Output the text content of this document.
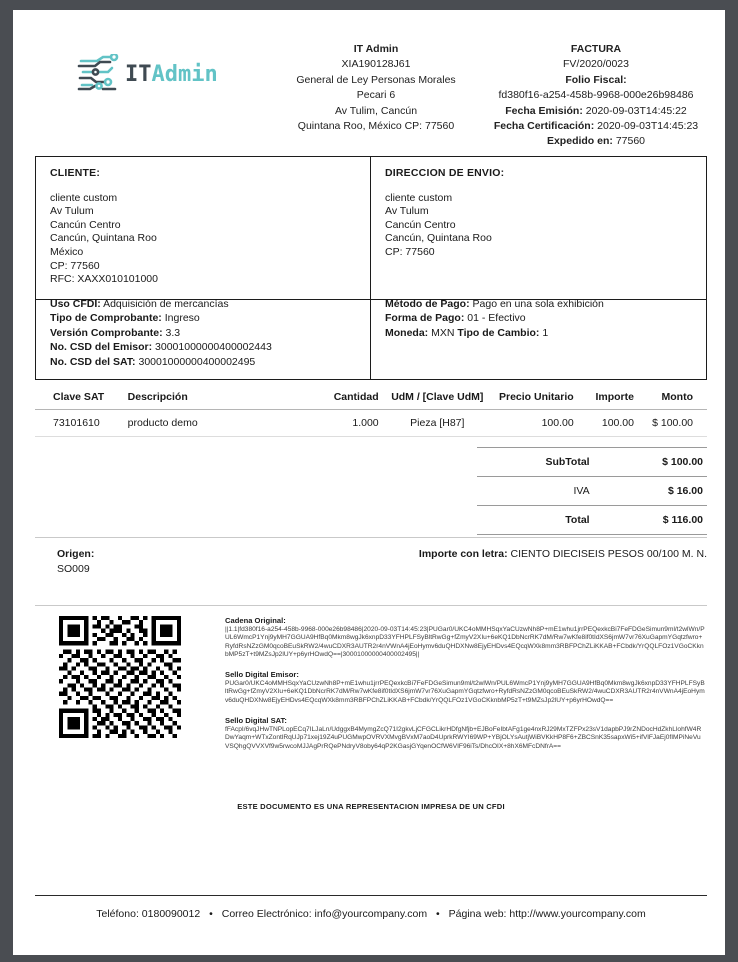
ITAdmin
IT Admin
XIA190128J61
General de Ley Personas Morales
Pecari 6
Av Tulim, Cancún
Quintana Roo, México CP: 77560
FACTURA
FV/2020/0023
Folio Fiscal:
fd380f16-a254-458b-9968-000e26b98486
Fecha Emisión: 2020-09-03T14:45:22
Fecha Certificación: 2020-09-03T14:45:23
Expedido en: 77560
CLIENTE:
cliente custom
Av Tulum
Cancún Centro
Cancún, Quintana Roo
México
CP: 77560
RFC: XAXX010101000
DIRECCION DE ENVIO:
cliente custom
Av Tulum
Cancún Centro
Cancún, Quintana Roo
CP: 77560

Uso CFDI: Adquisición de mercancías
Tipo de Comprobante: Ingreso
Versión Comprobante: 3.3
No. CSD del Emisor: 30001000000400002443
No. CSD del SAT: 30001000000400002495
Método de Pago: Pago en una sola exhibición
Forma de Pago: 01 - Efectivo
Moneda: MXN Tipo de Cambio: 1
Clave SAT	Descripción	Cantidad	UdM / [Clave UdM]	Precio Unitario	Importe	Monto
73101610	producto demo	1.000	Pieza [H87]	100.00	100.00	$ 100.00
SubTotal	$ 100.00
IVA	$ 16.00
Total	$ 116.00
Origen:
SO009
Importe con letra: CIENTO DIECISEIS PESOS 00/100 M. N.
Cadena Original:
||1.1|fd380f16-a254-458b-9968-000e26b98486|2020-09-03T14:45:23|PUGar0/UKC4oMMHSqxYaCUzwNh8P+mE1whu1jrrPEQexkcBi7FeFDGeSimun9ml/t2wlWn/PUL6WmcP1Ynj9yMH7GGUA9HfBq0Mkm8wgJk6xnpD33YFHPLFSyBltRwGg+fZmyV2XIu+6eKQ1DbNcrRK7dM/Rw7wKfe8if0tIdXS6jmW7vr76XuGapmYGqtzfwro+RyfdRsNZzGM0qcoBEuSkRW2/4wuCDXR3AUTR2r4nVWnA4jEoHymv6duQHDXNw8EjyEHDvs4EQcqWXk8mm3RBFPChZLiKKAB+FCbdk/YrQQLFOz1VGoCKknbMP5zT+t9MZsJp2lUY+p6yrHOwdQ==|30001000000400002495||
Sello Digital Emisor:
PUGar0/UKC4oMMHSqxYaCUzwNh8P+mE1whu1jrrPEQexkcBi7FeFDGeSimun9ml/t2wlWn/PUL6WmcP1Ynj9yMH7GGUA9HfBq0Mkm8wgJk6xnpD33YFHPLFSyBltRwGg+fZmyV2XIu+6eKQ1DbNcrRK7dM/Rw7wKfe8if0tIdXS6jmW7vr76XuGapmYGqtzfwro+RyfdRsNZzGM0qcoBEuSkRW2/4wuCDXR3AUTR2r4nVWnA4jEoHymv6duQHDXNw8EjyEHDvs4EQcqWXk8mm3RBFPChZLiKKAB+FCbdk/YrQQLFOz1VGoCKknbMP5zT+t9MZsJp2lUY+p6yrHOwdQ==
Sello Digital SAT:
fFAcpI/6vqJHwTNPLopECq7ILJaLn/UdggxB4MymgZcQ71I2gkvLjCFGCLikrHDfgNfjb+EJBoFeIbtAFg1ge4nxRJ29MxTZFPx23sV1dapbPJ9rZNDocHdZkhLlohfW4RDwYaqm+WTxZontlRqUJp71xej19Z4uPUGMwpOVRVXMvgBVxM7aoD4UprkRWYI69WP+YBjOLYsAutjWiBVKkHP8F6+ZBCSnK35sapxWi5+ifVlFJaEj0fIMPiNeVuVSQhgQVVXVf9w5rwcoMJJAgPrRQePNdryV8oby64qP2KGasjGYqenOCfW6VIF96iTs/DhcOIX+8hX6MFcDNfrA==
ESTE DOCUMENTO ES UNA REPRESENTACION IMPRESA DE UN CFDI
Teléfono: 0180090012 • Correo Electrónico: info@yourcompany.com • Página web: http://www.yourcompany.com
